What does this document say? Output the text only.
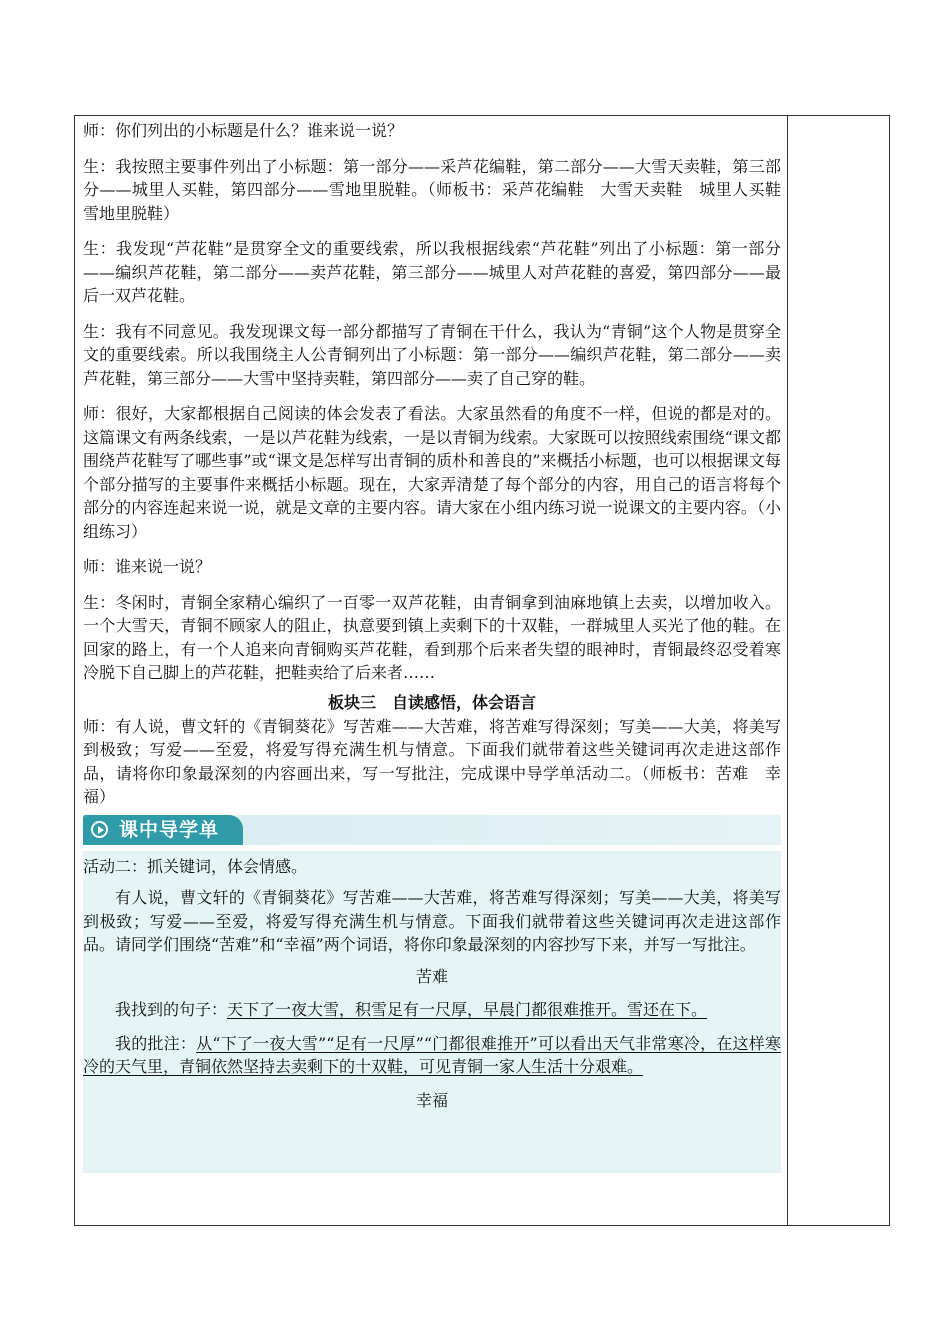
师：你们列出的小标题是什么？谁来说一说？

生：我按照主要事件列出了小标题：第一部分——采芦花编鞋，第二部分——大雪天卖鞋，第三部分——城里人买鞋，第四部分——雪地里脱鞋。（师板书：采芦花编鞋　大雪天卖鞋　城里人买鞋　雪地里脱鞋）

生：我发现“芦花鞋”是贯穿全文的重要线索，所以我根据线索“芦花鞋”列出了小标题：第一部分——编织芦花鞋，第二部分——卖芦花鞋，第三部分——城里人对芦花鞋的喜爱，第四部分——最后一双芦花鞋。

生：我有不同意见。我发现课文每一部分都描写了青铜在干什么，我认为“青铜”这个人物是贯穿全文的重要线索。所以我围绕主人公青铜列出了小标题：第一部分——编织芦花鞋，第二部分——卖芦花鞋，第三部分——大雪中坚持卖鞋，第四部分——卖了自己穿的鞋。

师：很好，大家都根据自己阅读的体会发表了看法。大家虽然看的角度不一样，但说的都是对的。这篇课文有两条线索，一是以芦花鞋为线索，一是以青铜为线索。大家既可以按照线索围绕“课文都围绕芦花鞋写了哪些事”或“课文是怎样写出青铜的质朴和善良的”来概括小标题，也可以根据课文每个部分描写的主要事件来概括小标题。现在，大家弄清楚了每个部分的内容，用自己的语言将每个部分的内容连起来说一说，就是文章的主要内容。请大家在小组内练习说一说课文的主要内容。（小组练习）

师：谁来说一说？

生：冬闲时，青铜全家精心编织了一百零一双芦花鞋，由青铜拿到油麻地镇上去卖，以增加收入。一个大雪天，青铜不顾家人的阻止，执意要到镇上卖剩下的十双鞋，一群城里人买光了他的鞋。在回家的路上，有一个人追来向青铜购买芦花鞋，看到那个后来者失望的眼神时，青铜最终忍受着寒冷脱下自己脚上的芦花鞋，把鞋卖给了后来者……

板块三　自读感悟，体会语言

师：有人说，曹文轩的《青铜葵花》写苦难——大苦难，将苦难写得深刻；写美——大美，将美写到极致；写爱——至爱，将爱写得充满生机与情意。下面我们就带着这些关键词再次走进这部作品，请将你印象最深刻的内容画出来，写一写批注，完成课中导学单活动二。（师板书：苦难　幸福）

课中导学单

活动二：抓关键词，体会情感。

有人说，曹文轩的《青铜葵花》写苦难——大苦难，将苦难写得深刻；写美——大美，将美写到极致；写爱——至爱，将爱写得充满生机与情意。下面我们就带着这些关键词再次走进这部作品。请同学们围绕“苦难”和“幸福”两个词语，将你印象最深刻的内容抄写下来，并写一写批注。

苦难

我找到的句子：天下了一夜大雪，积雪足有一尺厚，早晨门都很难推开。雪还在下。

我的批注：从“下了一夜大雪”“足有一尺厚”“门都很难推开”可以看出天气非常寒冷，在这样寒冷的天气里，青铜依然坚持去卖剩下的十双鞋，可见青铜一家人生活十分艰难。

幸福
